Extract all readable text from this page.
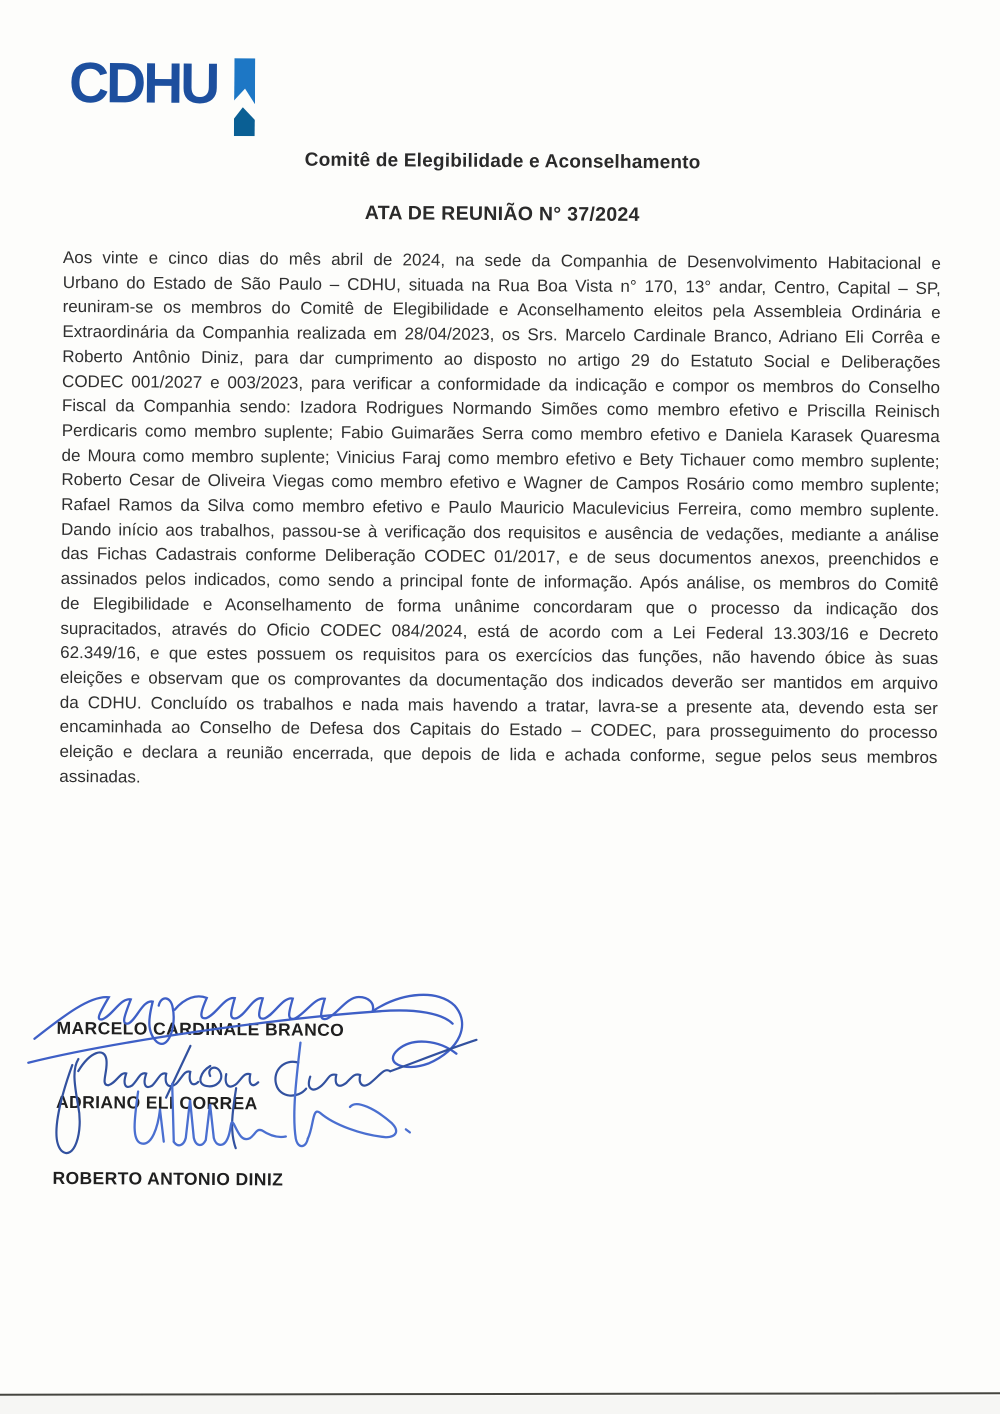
CDHU
Comitê de Elegibilidade e Aconselhamento
ATA DE REUNIÃO N° 37/2024
Aos vinte e cinco dias do mês abril de 2024, na sede da Companhia de Desenvolvimento Habitacional e Urbano do Estado de São Paulo – CDHU, situada na Rua Boa Vista n° 170, 13° andar, Centro, Capital – SP, reuniram-se os membros do Comitê de Elegibilidade e Aconselhamento eleitos pela Assembleia Ordinária e Extraordinária da Companhia realizada em 28/04/2023, os Srs. Marcelo Cardinale Branco, Adriano Eli Corrêa e Roberto Antônio Diniz, para dar cumprimento ao disposto no artigo 29 do Estatuto Social e Deliberações CODEC 001/2027 e 003/2023, para verificar a conformidade da indicação e compor os membros do Conselho Fiscal da Companhia sendo: Izadora Rodrigues Normando Simões como membro efetivo e Priscilla Reinisch Perdicaris como membro suplente; Fabio Guimarães Serra como membro efetivo e Daniela Karasek Quaresma de Moura como membro suplente; Vinicius Faraj como membro efetivo e Bety Tichauer como membro suplente; Roberto Cesar de Oliveira Viegas como membro efetivo e Wagner de Campos Rosário como membro suplente; Rafael Ramos da Silva como membro efetivo e Paulo Mauricio Maculevicius Ferreira, como membro suplente. Dando início aos trabalhos, passou-se à verificação dos requisitos e ausência de vedações, mediante a análise das Fichas Cadastrais conforme Deliberação CODEC 01/2017, e de seus documentos anexos, preenchidos e assinados pelos indicados, como sendo a principal fonte de informação. Após análise, os membros do Comitê de Elegibilidade e Aconselhamento de forma unânime concordaram que o processo da indicação dos supracitados, através do Oficio CODEC 084/2024, está de acordo com a Lei Federal 13.303/16 e Decreto 62.349/16, e que estes possuem os requisitos para os exercícios das funções, não havendo óbice às suas eleições e observam que os comprovantes da documentação dos indicados deverão ser mantidos em arquivo da CDHU. Concluído os trabalhos e nada mais havendo a tratar, lavra-se a presente ata, devendo esta ser encaminhada ao Conselho de Defesa dos Capitais do Estado – CODEC, para prosseguimento do processo eleição e declara a reunião encerrada, que depois de lida e achada conforme, segue pelos seus membros assinadas.
MARCELO CARDINALE BRANCO
ADRIANO ELI CORREA
ROBERTO ANTONIO DINIZ
